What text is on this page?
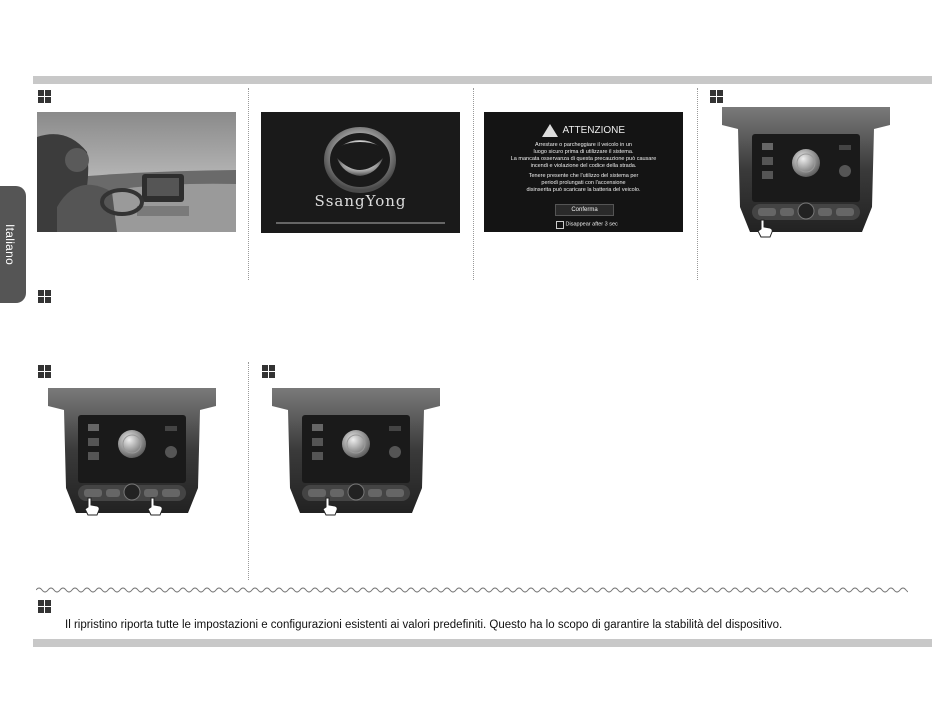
Italiano
SsangYong
ATTENZIONE
Arrestare o parcheggiare il veicolo in un
luogo sicuro prima di utilizzare il sistema.
La mancata osservanza di questa precauzione può causare
incendi e violazione del codice della strada.
Tenere presente che l'utilizzo del sistema per
periodi prolungati con l'accensione
disinserita può scaricare la batteria del veicolo.
Conferma
Disappear after 3 sec
Il ripristino riporta tutte le impostazioni e configurazioni esistenti ai valori predefiniti. Questo ha lo scopo di garantire la stabilità del dispositivo.
